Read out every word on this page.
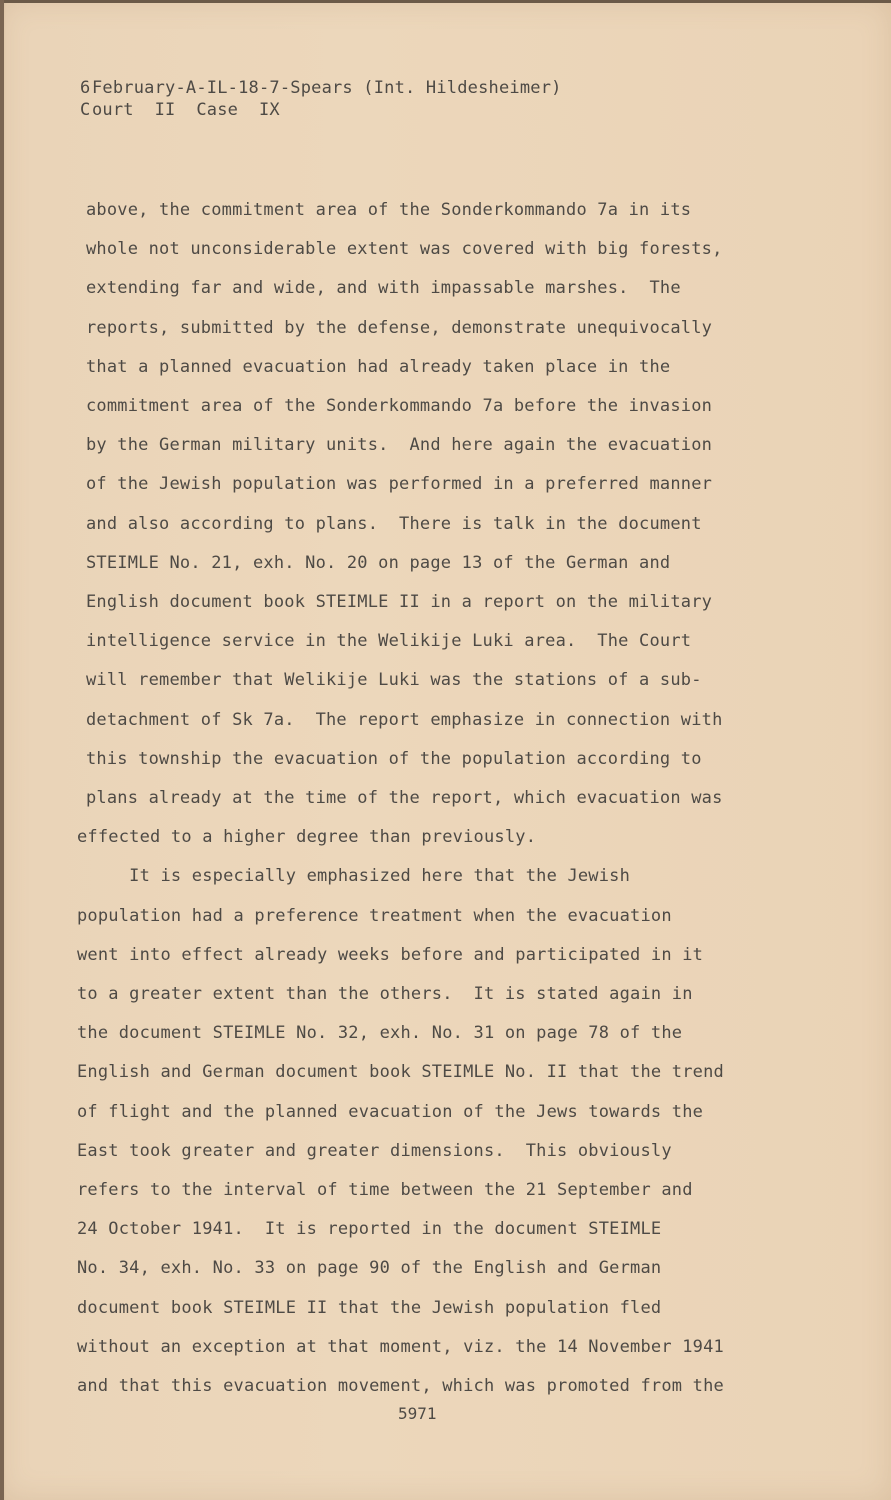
6February-A-IL-18-7-Spears (Int. Hildesheimer)
Court  II  Case  IX
above, the commitment area of the Sonderkommando 7a in its
whole not unconsiderable extent was covered with big forests,
extending far and wide, and with impassable marshes.  The
reports, submitted by the defense, demonstrate unequivocally
that a planned evacuation had already taken place in the
commitment area of the Sonderkommando 7a before the invasion
by the German military units.  And here again the evacuation
of the Jewish population was performed in a preferred manner
and also according to plans.  There is talk in the document
STEIMLE No. 21, exh. No. 20 on page 13 of the German and
English document book STEIMLE II in a report on the military
intelligence service in the Welikije Luki area.  The Court
will remember that Welikije Luki was the stations of a sub-
detachment of Sk 7a.  The report emphasize in connection with
this township the evacuation of the population according to
plans already at the time of the report, which evacuation was
effected to a higher degree than previously.
It is especially emphasized here that the Jewish
population had a preference treatment when the evacuation
went into effect already weeks before and participated in it
to a greater extent than the others.  It is stated again in
the document STEIMLE No. 32, exh. No. 31 on page 78 of the
English and German document book STEIMLE No. II that the trend
of flight and the planned evacuation of the Jews towards the
East took greater and greater dimensions.  This obviously
refers to the interval of time between the 21 September and
24 October 1941.  It is reported in the document STEIMLE
No. 34, exh. No. 33 on page 90 of the English and German
document book STEIMLE II that the Jewish population fled
without an exception at that moment, viz. the 14 November 1941
and that this evacuation movement, which was promoted from the
5971
